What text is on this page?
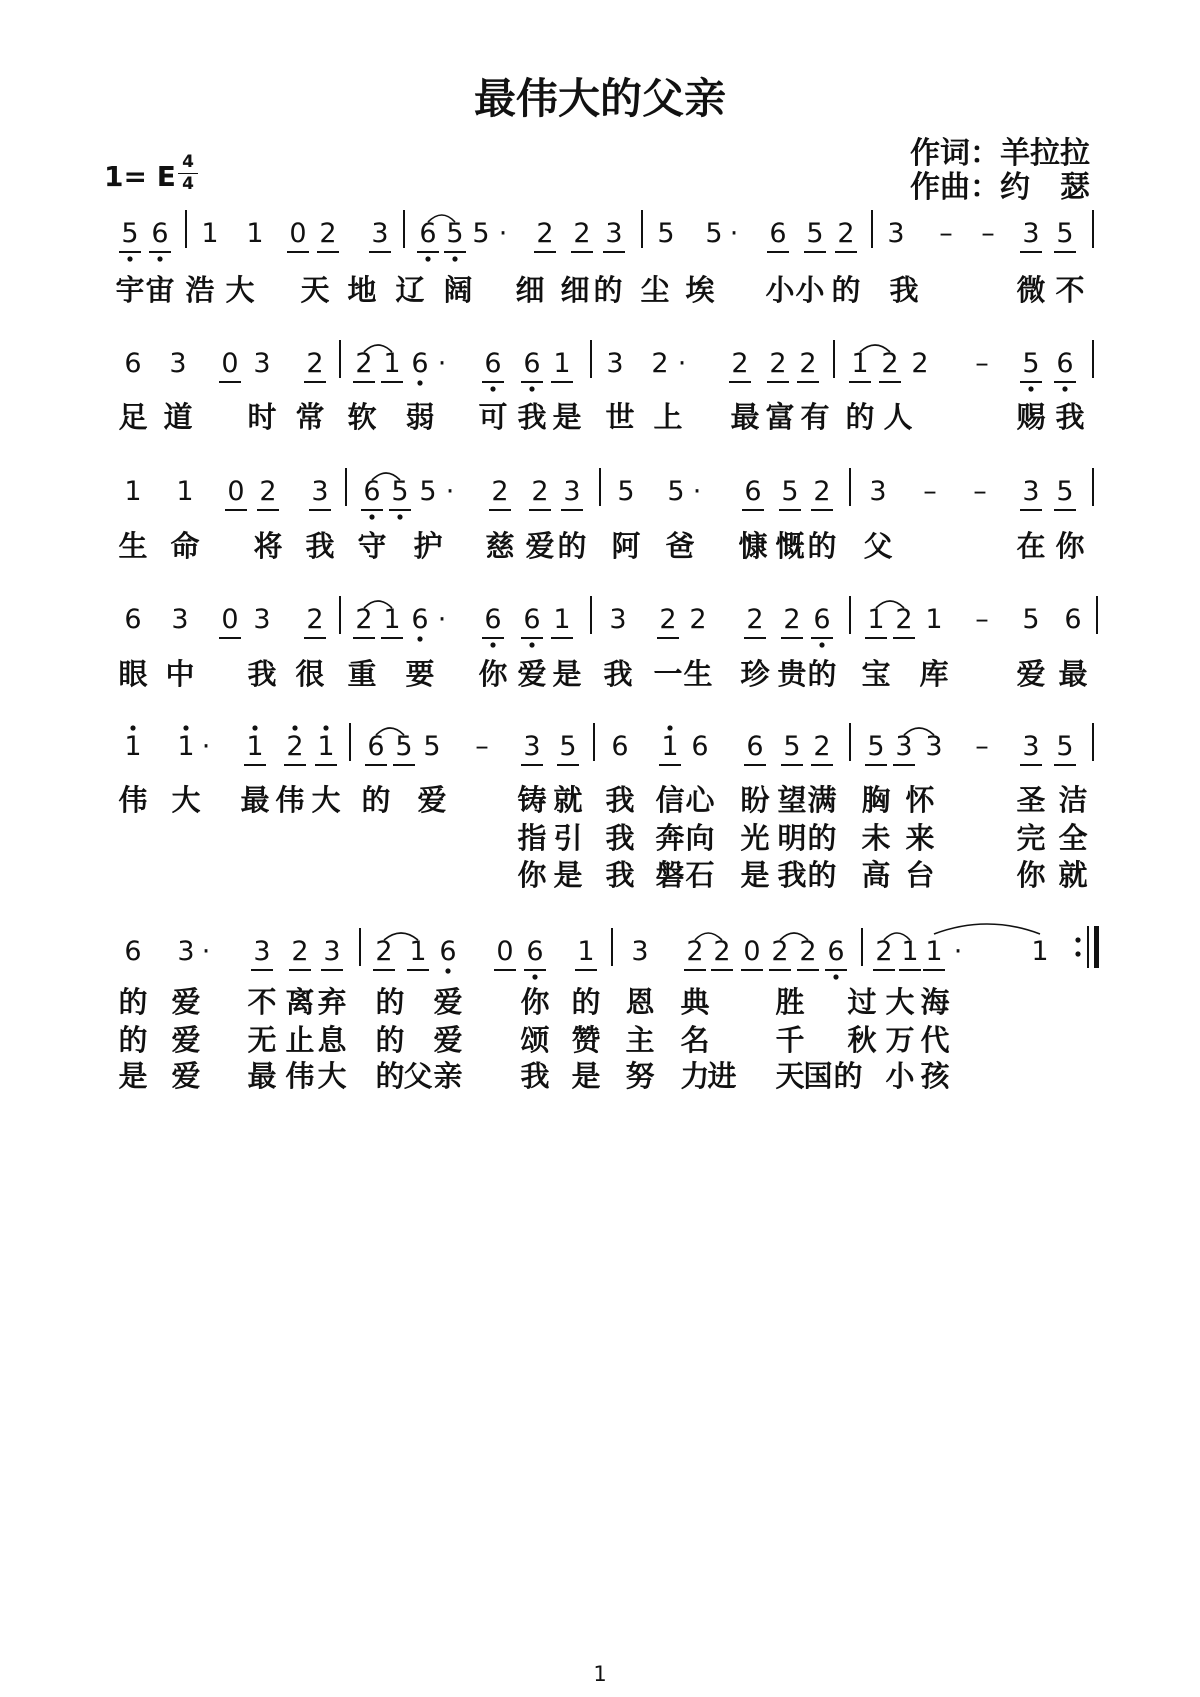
最伟大的父亲
作词：羊拉拉
作曲：约　瑟
1= E 4
4
5 6 1 1 0 2 3 6 5 5 · 2 2 3 5 5 · 6 5 2 3 – – 3 5
宇 宙 浩 大 天 地 辽 阔 细 细 的 尘 埃 小 小 的 我	微 不
6 3 0 3 2 2 1 6 · 6 6 1 3 2 · 2 2 2 1 2 2 – 5 6
足 道 时 常 软 弱 可 我 是 世 上 最 富 有 的 人	赐 我
1 1 0 2 3 6 5 5 · 2 2 3 5 5 · 6 5 2 3 – – 3 5
生 命 将 我 守 护 慈 爱 的 阿 爸 慷 慨 的 父	在 你
6 3 0 3 2 2 1 6 · 6 6 1 3 2 2 2 2 6 1 2 1 – 5 6
眼 中 我 很 重 要 你 爱 是 我 一 生 珍 贵 的 宝 库 爱 最
1 1 · 1 2 1 6 5 5 – 3 5 6 1 6 6 5 2 5 3 3 – 3 5
伟 大 最 伟 大 的 爱 铸 就 我 信 心 盼 望 满 胸 怀	圣 洁
指 引 我 奔 向 光 明 的 未 来	完 全
你 是 我 磐 石 是 我 的 高 台	你 就
6 3 · 3 2 3 2 1 6 0 6 1 3 2 2 0 2 2 6 2 1 1 ·	1
的 爱 不 离 弃 的 爱 你 的 恩 典 胜 过 大 海
的 爱 无 止 息 的 爱 颂 赞 主 名 千 秋 万 代
是 爱 最 伟 大 的
父 亲 我 是 努 力
进 天
国 的 小 孩
1
